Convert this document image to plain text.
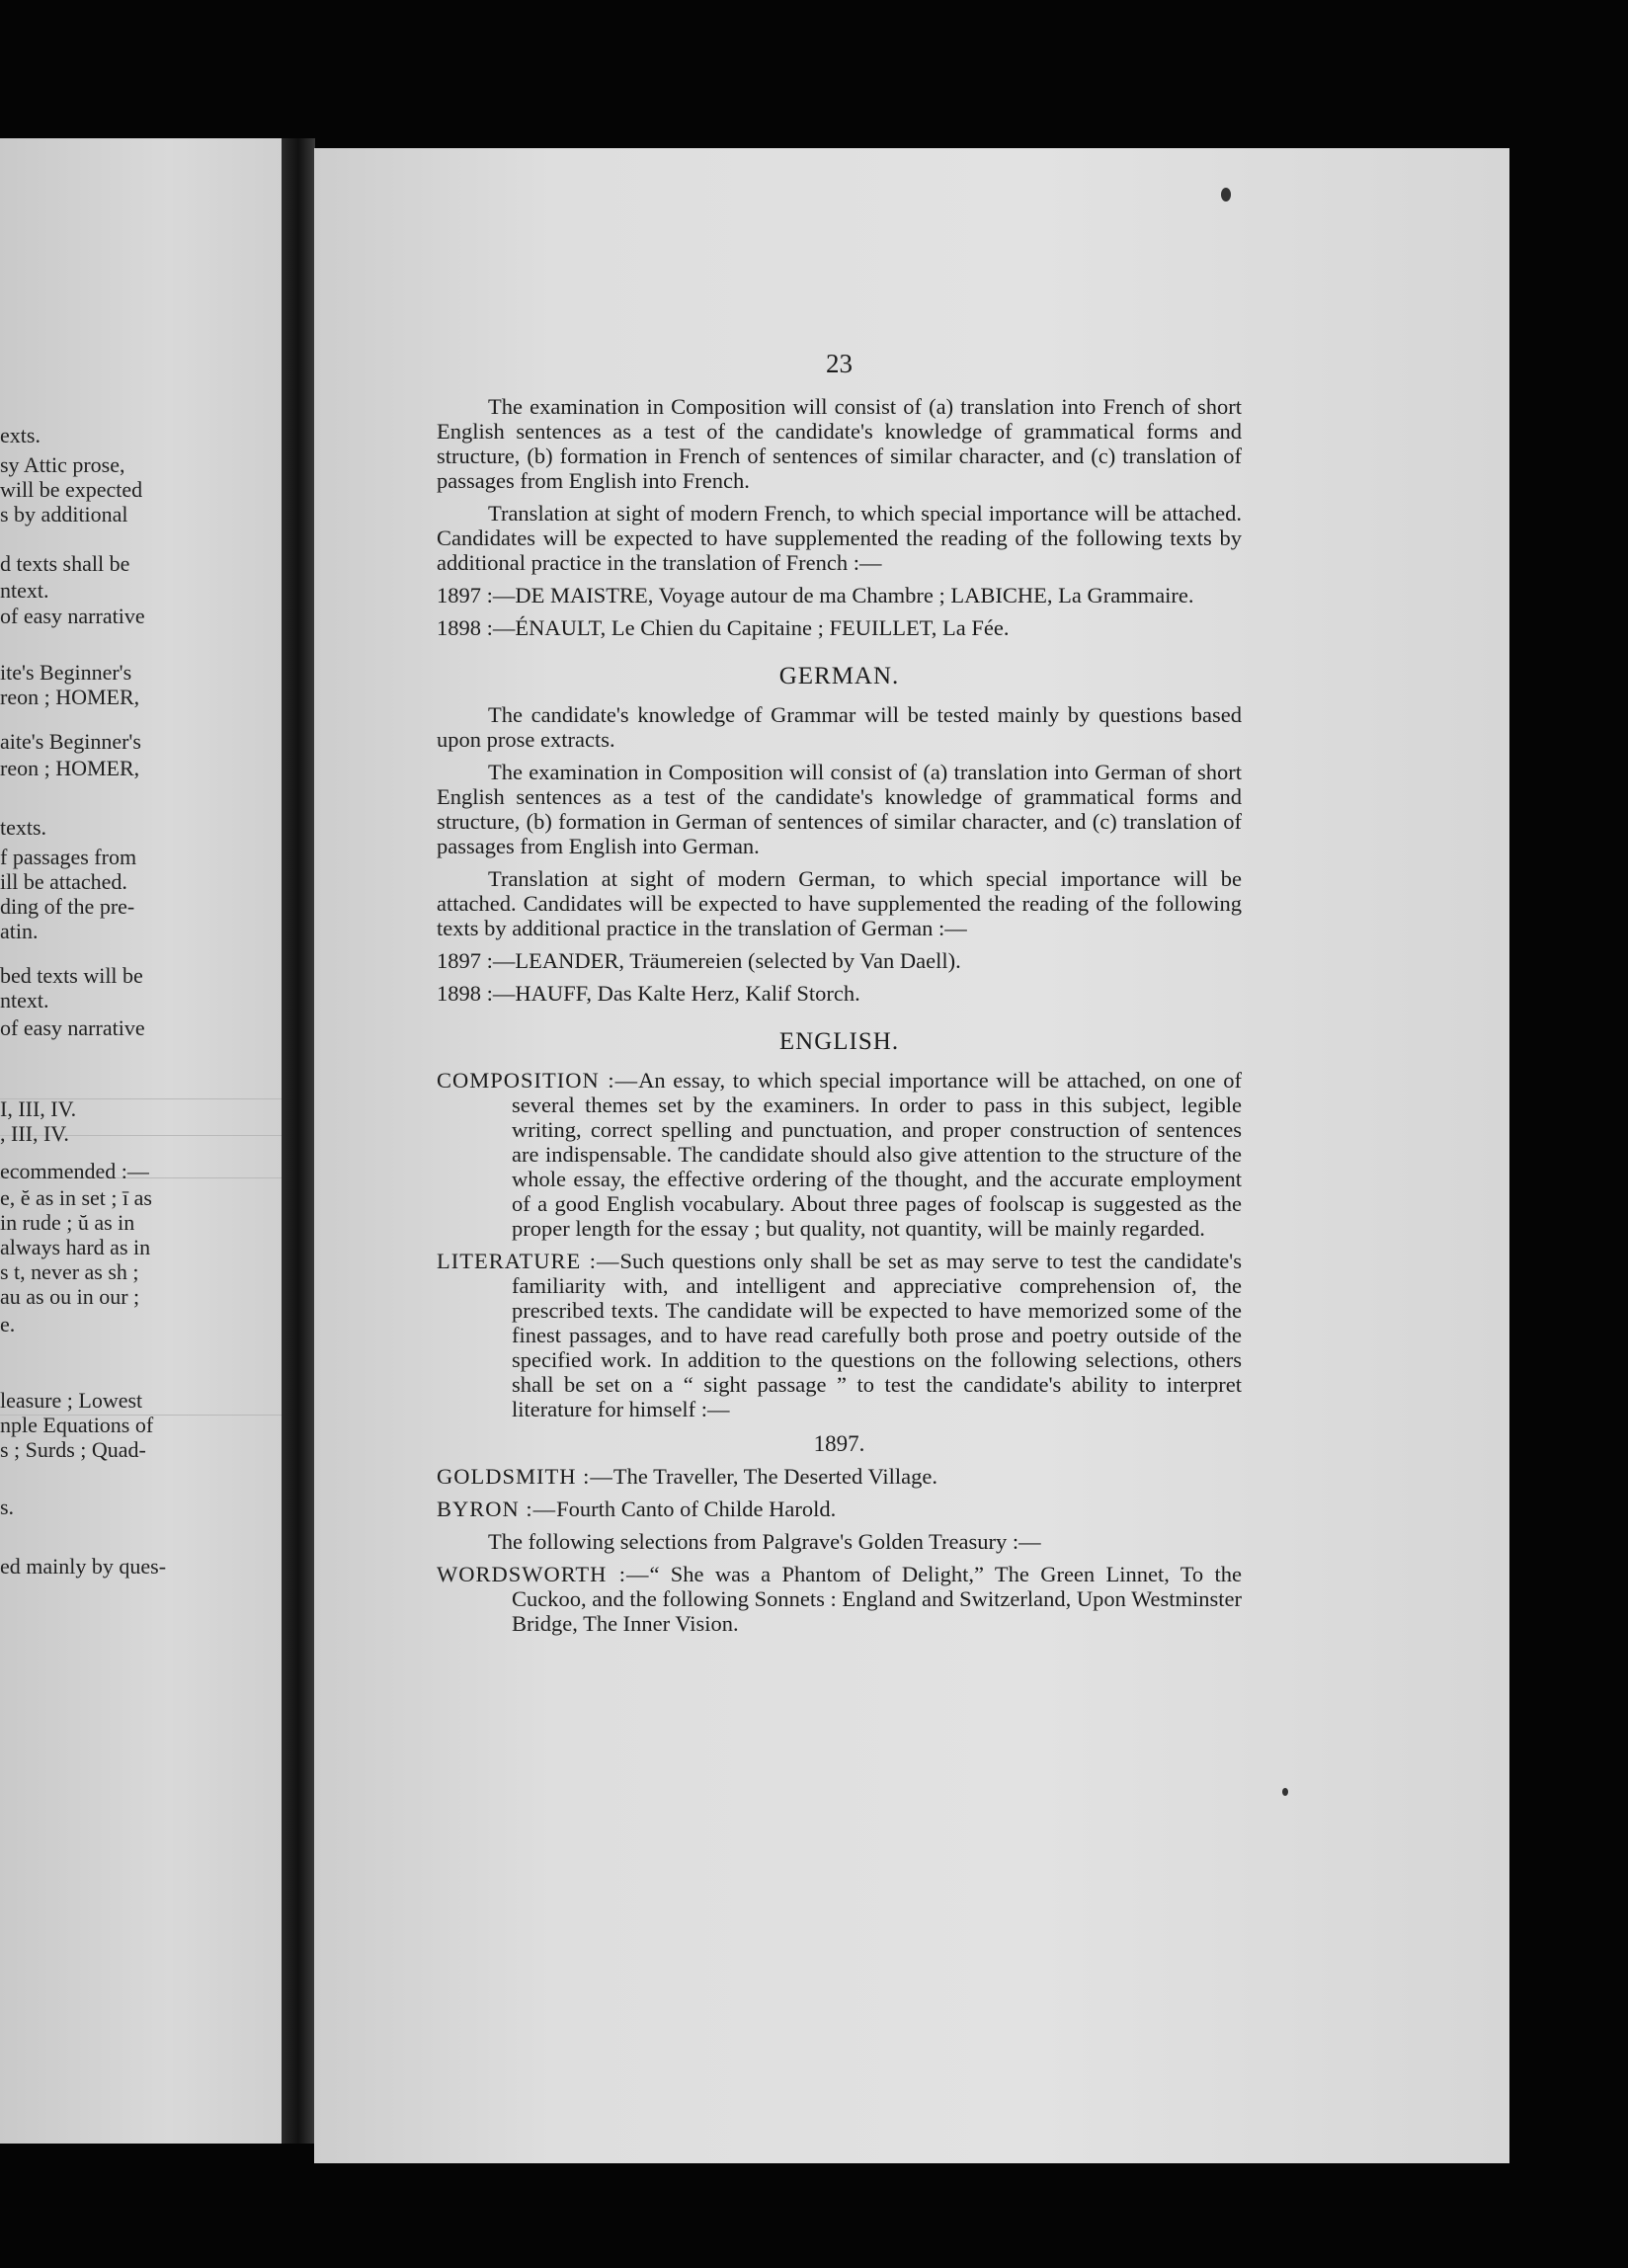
exts.
sy Attic prose,
will be expected
s by additional
d texts shall be
ntext.
of easy narrative
ite's Beginner's
reon ; HOMER,
aite's Beginner's
reon ; HOMER,
texts.
f passages from
ill be attached.
ding of the pre-
atin.
bed texts will be
ntext.
of easy narrative
I, III, IV.
, III, IV.
ecommended :—
e, ĕ as in set ; ī as
in rude ; ŭ as in
always hard as in
s t, never as sh ;
au as ou in our ;
e.
leasure ; Lowest
nple Equations of
s ; Surds ; Quad-
s.
ed mainly by ques-
23

The examination in Composition will consist of (a) translation into French of short English sentences as a test of the candidate's knowledge of grammatical forms and structure, (b) formation in French of sentences of similar character, and (c) translation of passages from English into French.

Translation at sight of modern French, to which special importance will be attached. Candidates will be expected to have supplemented the reading of the following texts by additional practice in the translation of French :—

1897 :—DE MAISTRE, Voyage autour de ma Chambre ; LABICHE, La Grammaire.
1898 :—ÉNAULT, Le Chien du Capitaine ; FEUILLET, La Fée.
GERMAN.

The candidate's knowledge of Grammar will be tested mainly by questions based upon prose extracts.

The examination in Composition will consist of (a) translation into German of short English sentences as a test of the candidate's knowledge of grammatical forms and structure, (b) formation in German of sentences of similar character, and (c) translation of passages from English into German.

Translation at sight of modern German, to which special importance will be attached. Candidates will be expected to have supplemented the reading of the following texts by additional practice in the translation of German :—

1897 :—LEANDER, Träumereien (selected by Van Daell).
1898 :—HAUFF, Das Kalte Herz, Kalif Storch.
ENGLISH.
COMPOSITION :—An essay, to which special importance will be attached, on one of several themes set by the examiners. In order to pass in this subject, legible writing, correct spelling and punctuation, and proper construction of sentences are indispensable. The candidate should also give attention to the structure of the whole essay, the effective ordering of the thought, and the accurate employment of a good English vocabulary. About three pages of foolscap is suggested as the proper length for the essay ; but quality, not quantity, will be mainly regarded.
LITERATURE :—Such questions only shall be set as may serve to test the candidate's familiarity with, and intelligent and appreciative comprehension of, the prescribed texts. The candidate will be expected to have memorized some of the finest passages, and to have read carefully both prose and poetry outside of the specified work. In addition to the questions on the following selections, others shall be set on a “ sight passage ” to test the candidate's ability to interpret literature for himself :—
1897.
GOLDSMITH :—The Traveller, The Deserted Village.
BYRON :—Fourth Canto of Childe Harold.
The following selections from Palgrave's Golden Treasury :—
WORDSWORTH :—“ She was a Phantom of Delight,” The Green Linnet, To the Cuckoo, and the following Sonnets : England and Switzerland, Upon Westminster Bridge, The Inner Vision.
